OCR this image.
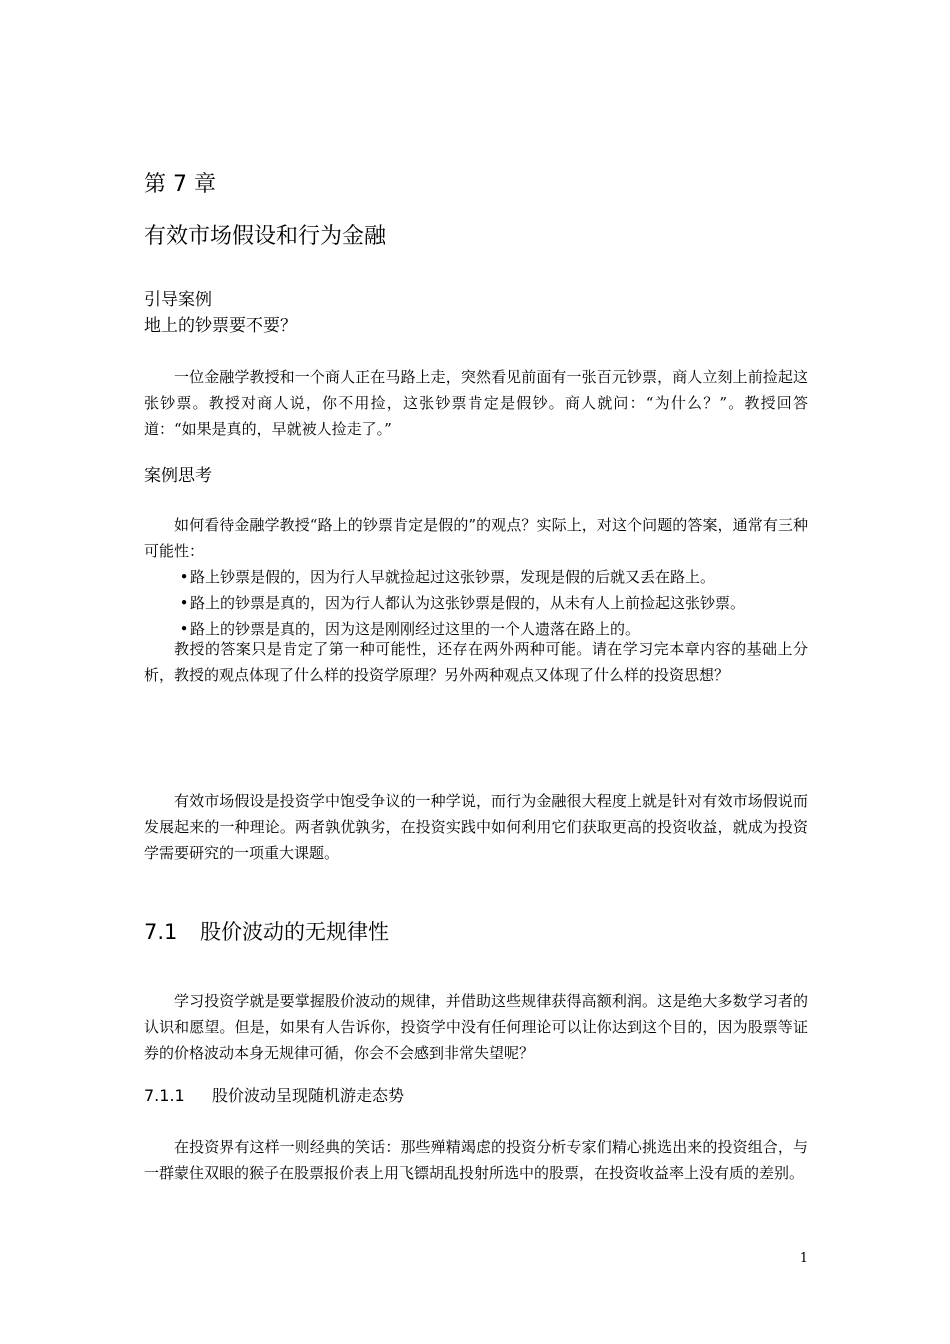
第 7 章
有效市场假设和行为金融
引导案例
地上的钞票要不要？

一位金融学教授和一个商人正在马路上走，突然看见前面有一张百元钞票，商人立刻上前捡起这张钞票。教授对商人说，你不用捡，这张钞票肯定是假钞。商人就问：“为什么？”。教授回答道：“如果是真的，早就被人捡走了。”

案例思考

如何看待金融学教授“路上的钞票肯定是假的”的观点？实际上，对这个问题的答案，通常有三种可能性：

• 路上钞票是假的，因为行人早就捡起过这张钞票，发现是假的后就又丢在路上。

• 路上的钞票是真的，因为行人都认为这张钞票是假的，从未有人上前捡起这张钞票。

• 路上的钞票是真的，因为这是刚刚经过这里的一个人遗落在路上的。

教授的答案只是肯定了第一种可能性，还存在两外两种可能。请在学习完本章内容的基础上分析，教授的观点体现了什么样的投资学原理？另外两种观点又体现了什么样的投资思想？

有效市场假设是投资学中饱受争议的一种学说，而行为金融很大程度上就是针对有效市场假说而发展起来的一种理论。两者孰优孰劣，在投资实践中如何利用它们获取更高的投资收益，就成为投资学需要研究的一项重大课题。

7.1 股价波动的无规律性

学习投资学就是要掌握股价波动的规律，并借助这些规律获得高额利润。这是绝大多数学习者的认识和愿望。但是，如果有人告诉你，投资学中没有任何理论可以让你达到这个目的，因为股票等证券的价格波动本身无规律可循，你会不会感到非常失望呢？

7.1.1 股价波动呈现随机游走态势

在投资界有这样一则经典的笑话：那些殚精竭虑的投资分析专家们精心挑选出来的投资组合，与一群蒙住双眼的猴子在股票报价表上用飞镖胡乱投射所选中的股票，在投资收益率上没有质的差别。

1
